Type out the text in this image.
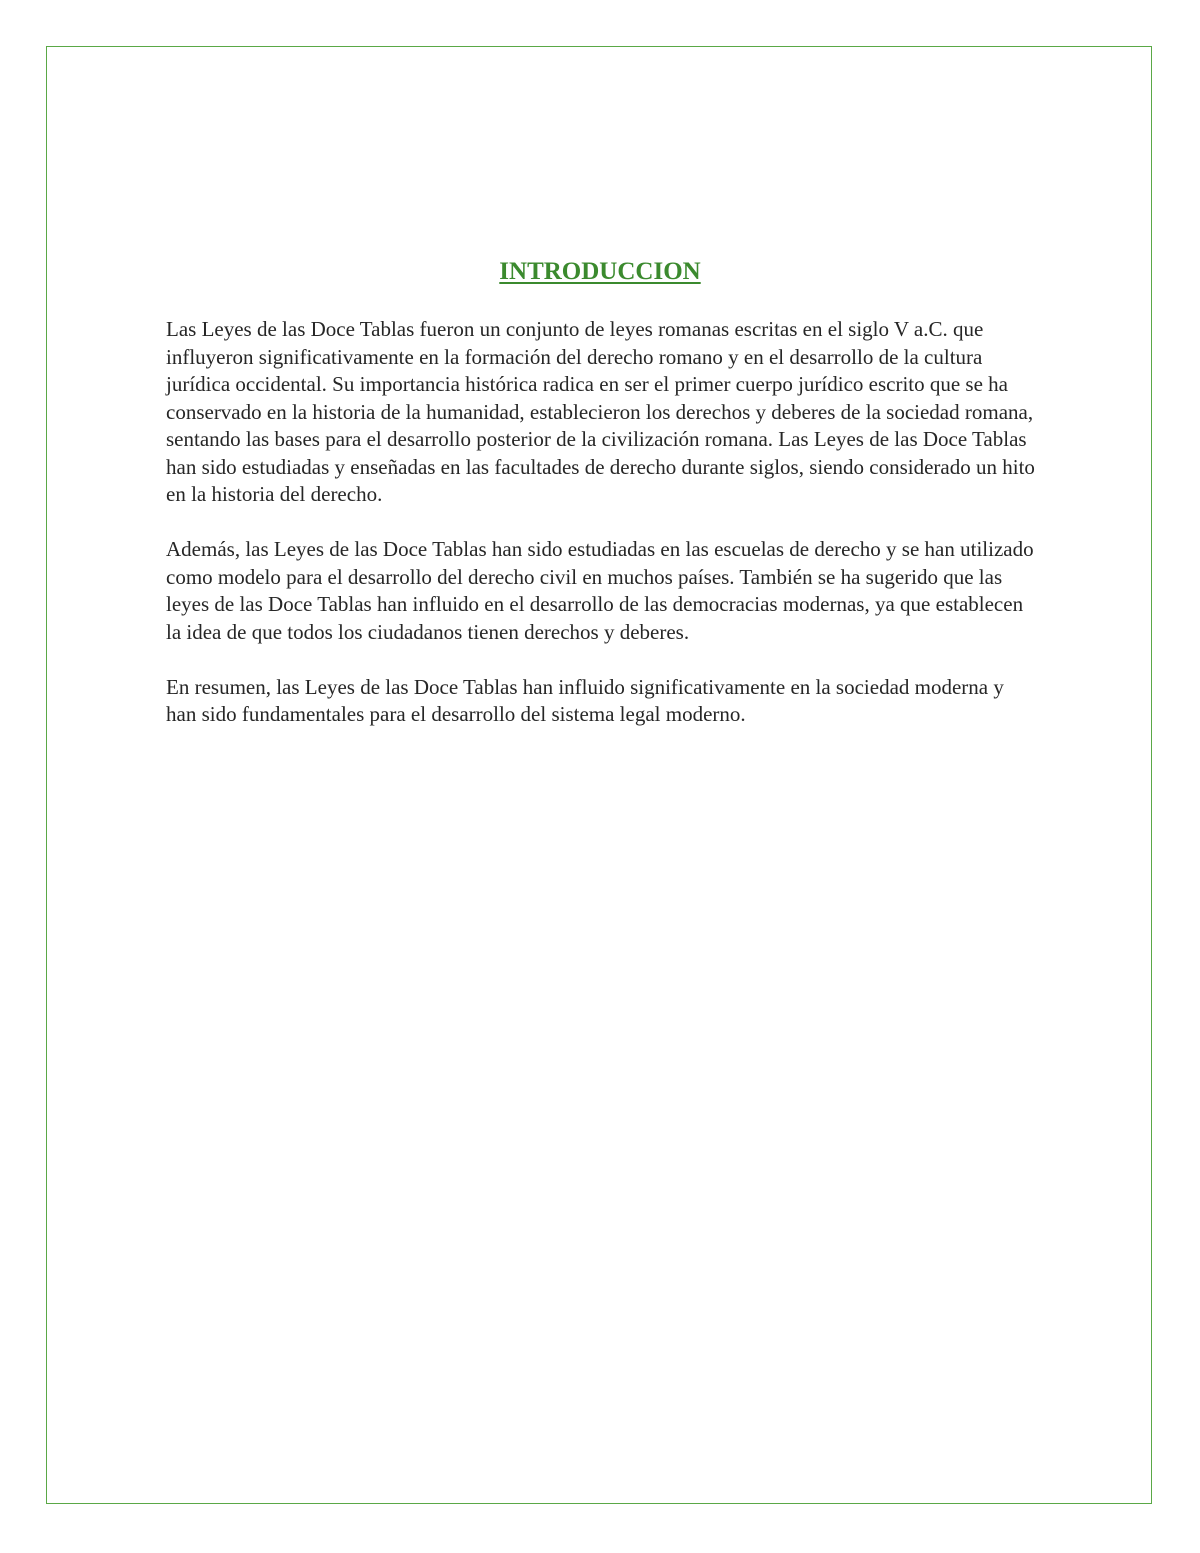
INTRODUCCION

Las Leyes de las Doce Tablas fueron un conjunto de leyes romanas escritas en el siglo V a.C. que influyeron significativamente en la formación del derecho romano y en el desarrollo de la cultura jurídica occidental. Su importancia histórica radica en ser el primer cuerpo jurídico escrito que se ha conservado en la historia de la humanidad, establecieron los derechos y deberes de la sociedad romana, sentando las bases para el desarrollo posterior de la civilización romana. Las Leyes de las Doce Tablas han sido estudiadas y enseñadas en las facultades de derecho durante siglos, siendo considerado un hito en la historia del derecho.

Además, las Leyes de las Doce Tablas han sido estudiadas en las escuelas de derecho y se han utilizado como modelo para el desarrollo del derecho civil en muchos países. También se ha sugerido que las leyes de las Doce Tablas han influido en el desarrollo de las democracias modernas, ya que establecen la idea de que todos los ciudadanos tienen derechos y deberes.

En resumen, las Leyes de las Doce Tablas han influido significativamente en la sociedad moderna y han sido fundamentales para el desarrollo del sistema legal moderno.
